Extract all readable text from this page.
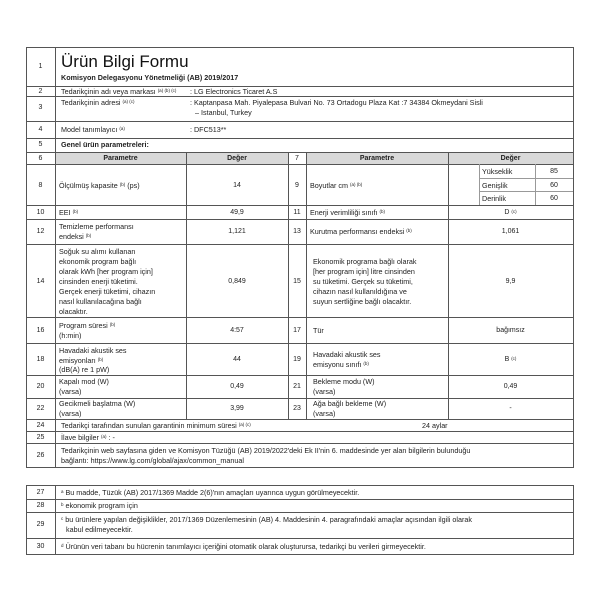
1	Ürün Bilgi Formu
Komisyon Delegasyonu Yönetmeliği (AB) 2019/2017
2	Tedarikçinin adı veya markası $^{(a) (b) (c)}$ : LG Electronics Ticaret A.S
3
Tedarikçinin adresi $^{(a) (c)}$	: Kaptanpasa Mah. Piyalepasa Bulvari No. 73 Ortadogu Plaza Kat :7 34384 Okmeydani Sisli
– Istanbul, Turkey
4	Model tanımlayıcı $^{(a)}$	: DFC513**
5	Genel ürün parametreleri:
6	Parametre	Değer	7	Parametre	Değer
8	Ölçülmüş kapasite $^{(b)}$ (ps)	14	9	Boyutlar cm $^{(a) (b)}$
Yükseklik	85
Genişlik	60
Derinlik	60
10	EEI $^{(b)}$	49,9	11	Enerji verimliliği sınıfı $^{(b)}$	D $^{(c)}$
12
Temizleme performansı
endeksi $^{(b)}$
1,121	13	Kurutma performansı endeksi $^{(b)}$	1,061
14
Soğuk su alımı kullanan
ekonomik program bağlı
olarak kWh [her program için]
cinsinden enerji tüketimi.
Gerçek enerji tüketimi, cihazın
nasıl kullanılacağına bağlı
olacaktır.
0,849	15
Ekonomik programa bağlı olarak
[her program için] litre cinsinden
su tüketimi. Gerçek su tüketimi,
cihazın nasıl kullanıldığına ve
suyun sertliğine bağlı olacaktır.
9,9
16
Program süresi $^{(b)}$
(h:min)
4:57	17	Tür	bağımsız
18
Havadaki akustik ses
emisyonları $^{(b)}$
(dB(A) re 1 pW)
44	19
Havadaki akustik ses
emisyonu sınıfı $^{(b)}$
B $^{(c)}$
20
Kapalı mod (W)
(varsa)
0,49	21
Bekleme modu (W)
(varsa)
0,49
22
Gecikmeli başlatma (W)
(varsa)
3,99	23
Ağa bağlı bekleme (W)
(varsa)
-
24	Tedarikçi tarafından sunulan garantinin minimum süresi $^{(a) (c)}$	24 aylar
25	İlave bilgiler $^{(a)}$ : -
26
Tedarikçinin web sayfasına giden ve Komisyon Tüzüğü (AB) 2019/2022'deki Ek II'nin 6. maddesinde yer alan bilgilerin bulunduğu
bağlantı: https://www.lg.com/global/ajax/common_manual
27	$^a$ Bu madde, Tüzük (AB) 2017/1369 Madde 2(6)'nın amaçları uyarınca uygun görülmeyecektir.
28	$^b$ ekonomik program için
29
$^c$ bu ürünlere yapılan değişiklikler, 2017/1369 Düzenlemesinin (AB) 4. Maddesinin 4. paragrafındaki amaçlar açısından ilgili olarak
kabul edilmeyecektir.
30	$^d$ Ürünün veri tabanı bu hücrenin tanımlayıcı içeriğini otomatik olarak oluşturursa, tedarikçi bu verileri girmeyecektir.
